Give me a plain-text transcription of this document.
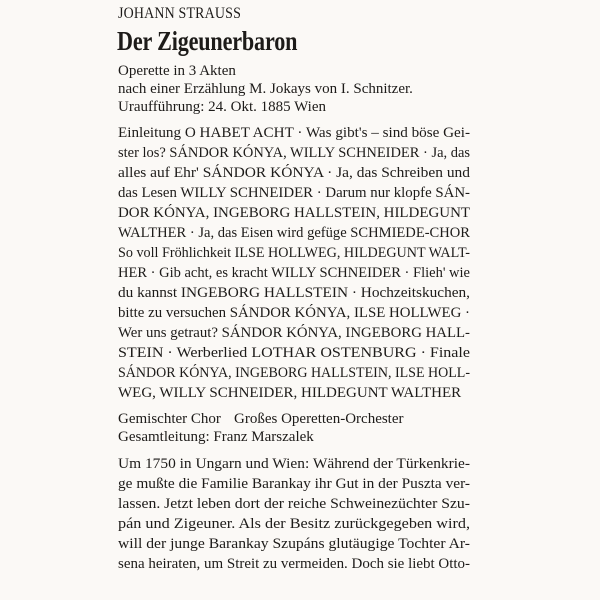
JOHANN STRAUSS
Der Zigeunerbaron
Operette in 3 Akten
nach einer Erzählung M. Jokays von I. Schnitzer.
Uraufführung: 24. Okt. 1885 Wien
Einleitung O HABET ACHT · Was gibt's – sind böse Gei-
ster los? SÁNDOR KÓNYA, WILLY SCHNEIDER · Ja, das
alles auf Ehr' SÁNDOR KÓNYA · Ja, das Schreiben und
das Lesen WILLY SCHNEIDER · Darum nur klopfe SÁN-
DOR KÓNYA, INGEBORG HALLSTEIN, HILDEGUNT
WALTHER · Ja, das Eisen wird gefüge SCHMIEDE-CHOR
So voll Fröhlichkeit ILSE HOLLWEG, HILDEGUNT WALT-
HER · Gib acht, es kracht WILLY SCHNEIDER · Flieh' wie
du kannst INGEBORG HALLSTEIN · Hochzeitskuchen,
bitte zu versuchen SÁNDOR KÓNYA, ILSE HOLLWEG ·
Wer uns getraut? SÁNDOR KÓNYA, INGEBORG HALL-
STEIN · Werberlied LOTHAR OSTENBURG · Finale
SÁNDOR KÓNYA, INGEBORG HALLSTEIN, ILSE HOLL-
WEG, WILLY SCHNEIDER, HILDEGUNT WALTHER
Gemischter Chor Großes Operetten-Orchester
Gesamtleitung: Franz Marszalek
Um 1750 in Ungarn und Wien: Während der Türkenkrie-
ge mußte die Familie Barankay ihr Gut in der Puszta ver-
lassen. Jetzt leben dort der reiche Schweinezüchter Szu-
pán und Zigeuner. Als der Besitz zurückgegeben wird,
will der junge Barankay Szupáns glutäugige Tochter Ar-
sena heiraten, um Streit zu vermeiden. Doch sie liebt Otto-
